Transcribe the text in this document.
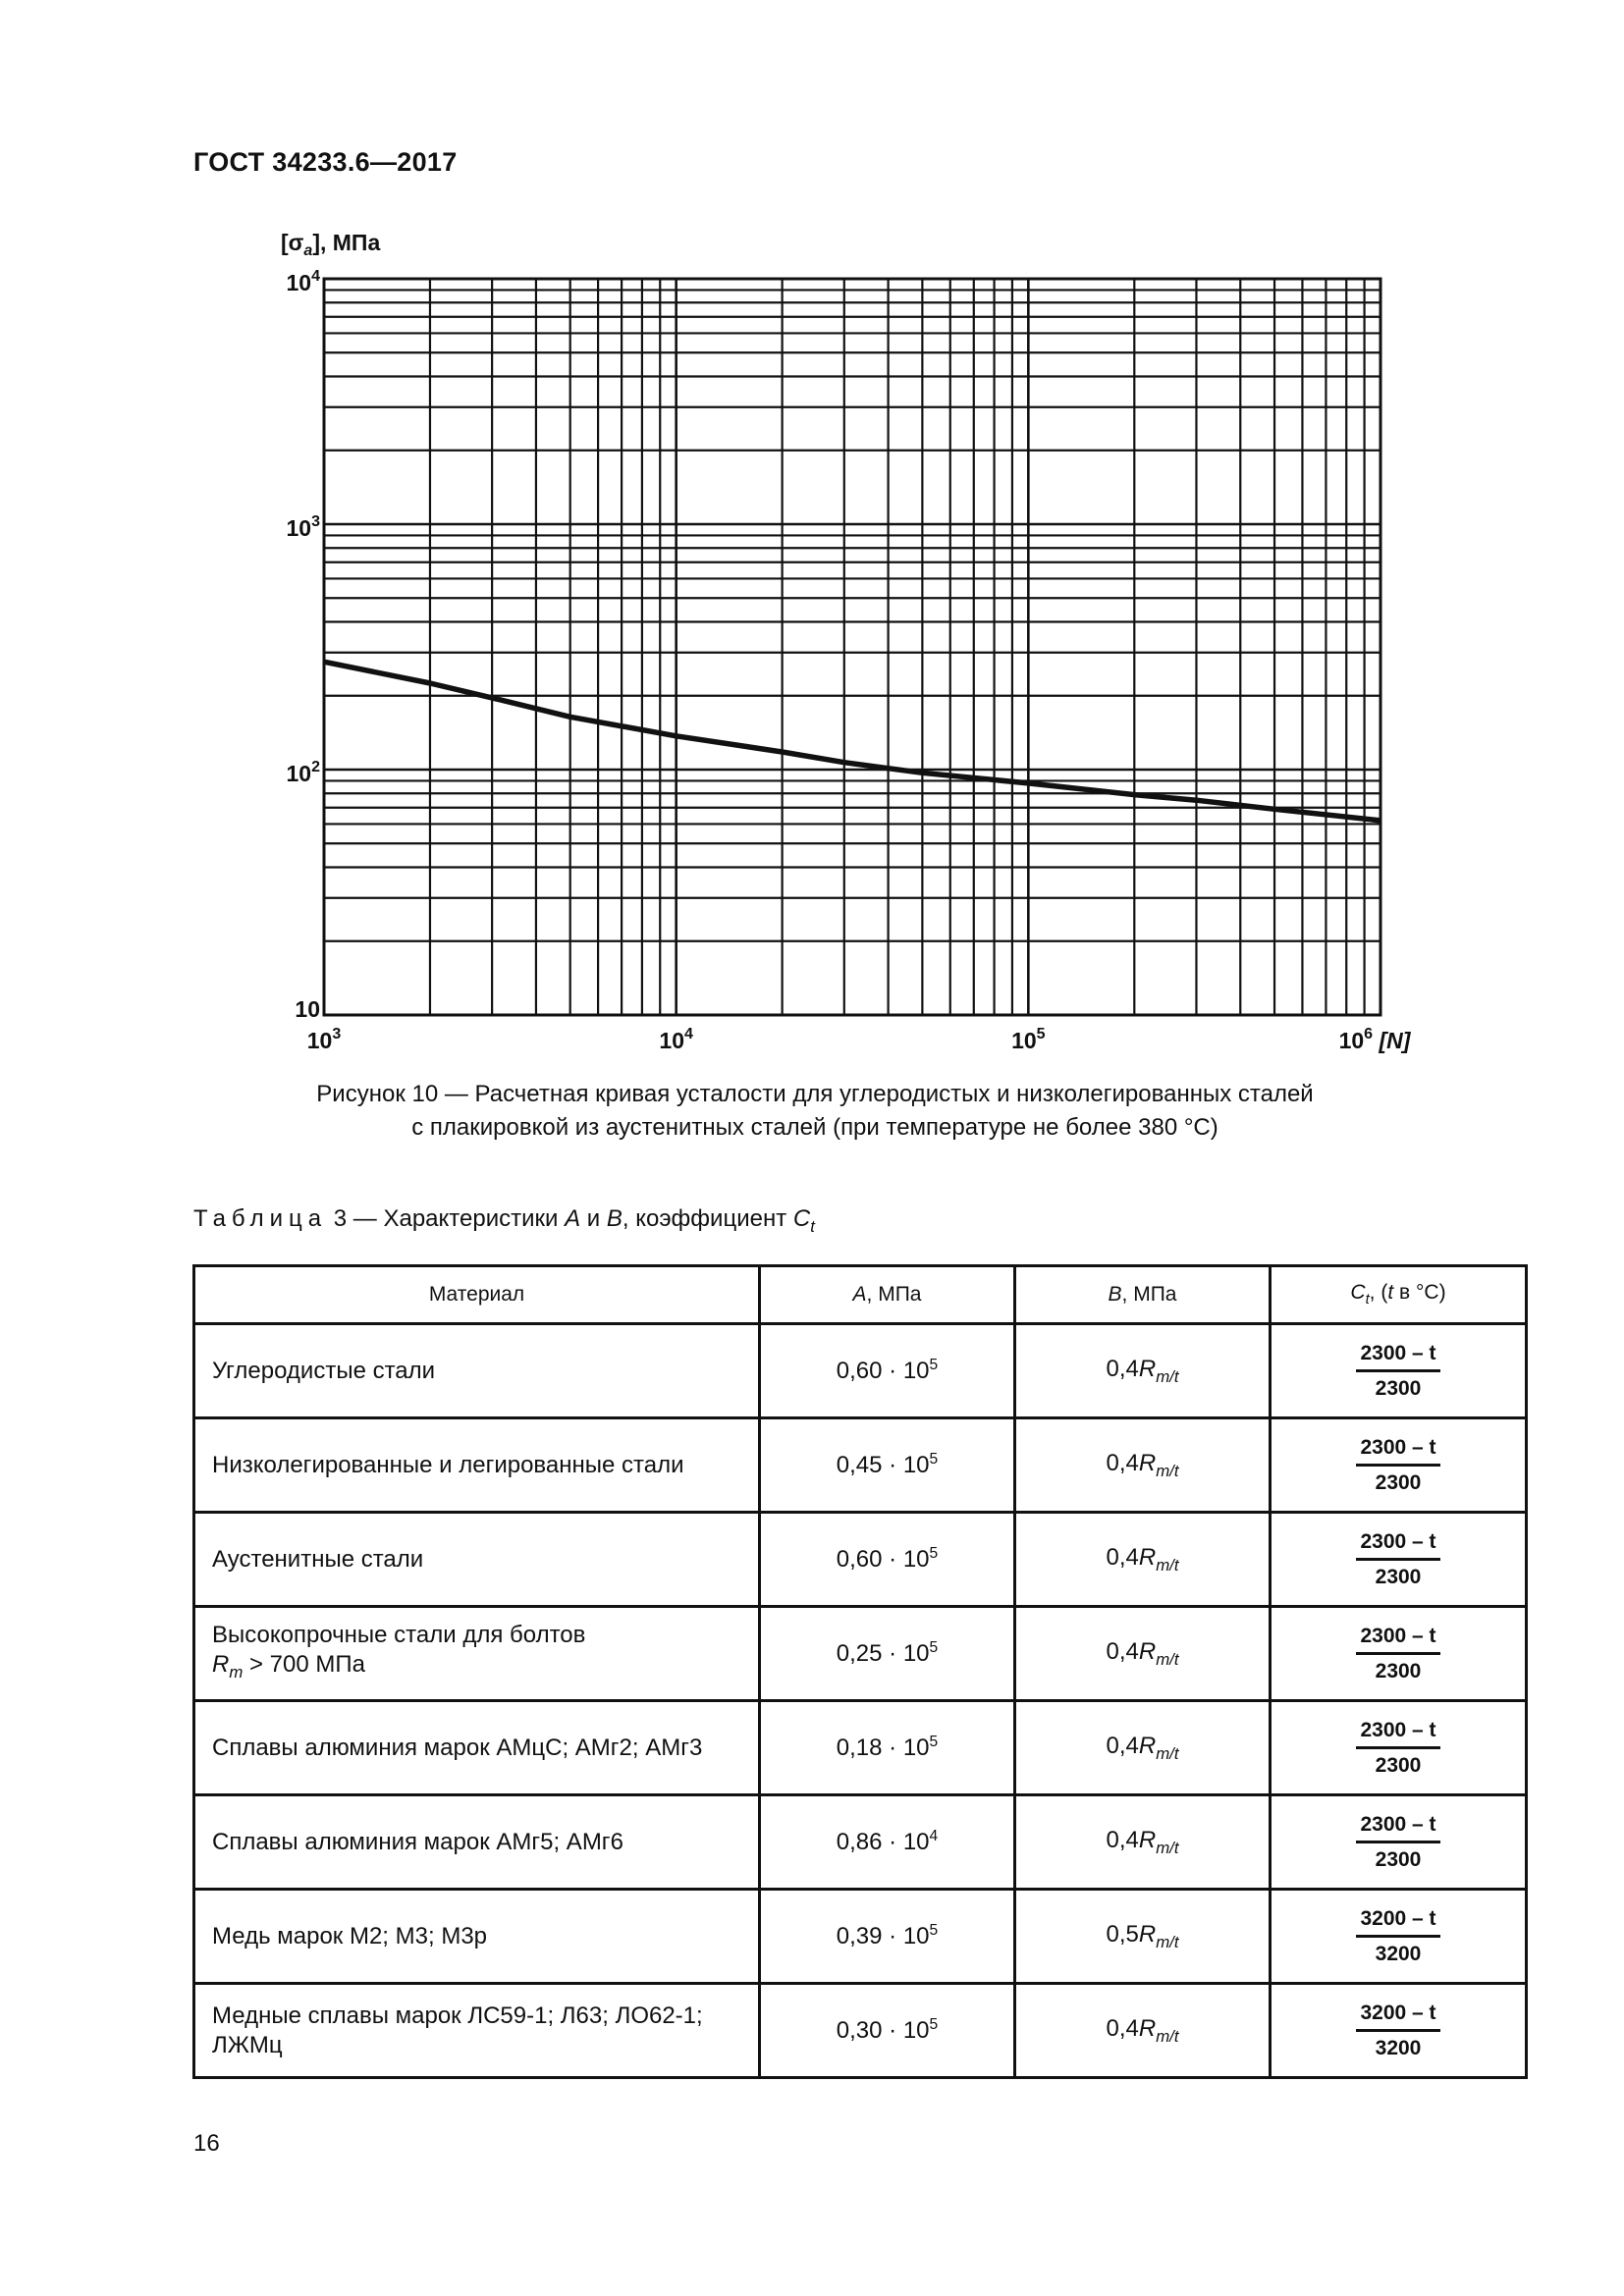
ГОСТ 34233.6—2017
10
$10^2$
$10^3$
$10^4$
$10^3$	$10^4$	$10^5$	$10^6$ [N]
$[\sigma_a]$, МПа
Рисунок 10 — Расчетная кривая усталости для углеродистых и низколегированных сталей
с плакировкой из аустенитных сталей (при температуре не более 380 °С)
Таблица 3 — Характеристики A и B, коэффициент $C_t$
Материал	A, МПа	B, МПа	$C_t$, (t в °С)
Углеродистые стали	$0,60 \cdot 10^5$	$0,4R_{m/t}$	$\frac{2300 - t}{2300}$

Низколегированные и легированные стали	$0,45 \cdot 10^5$	$0,4R_{m/t}$	$\frac{2300 - t}{2300}$

Аустенитные стали	$0,60 \cdot 10^5$	$0,4R_{m/t}$	$\frac{2300 - t}{2300}$

Высокопрочные стали для болтов
$R_m > 700$ МПа	$0,25 \cdot 10^5$	$0,4R_{m/t}$	$\frac{2300 - t}{2300}$

Сплавы алюминия марок АМцС; АМг2; АМг3	$0,18 \cdot 10^5$	$0,4R_{m/t}$	$\frac{2300 - t}{2300}$

Сплавы алюминия марок АМг5; АМг6	$0,86 \cdot 10^4$	$0,4R_{m/t}$	$\frac{2300 - t}{2300}$

Медь марок М2; М3; М3р	$0,39 \cdot 10^5$	$0,5R_{m/t}$	$\frac{3200 - t}{3200}$

Медные сплавы марок ЛС59-1; Л63; ЛО62-1;
ЛЖМц	$0,30 \cdot 10^5$	$0,4R_{m/t}$	$\frac{3200 - t}{3200}$
16
